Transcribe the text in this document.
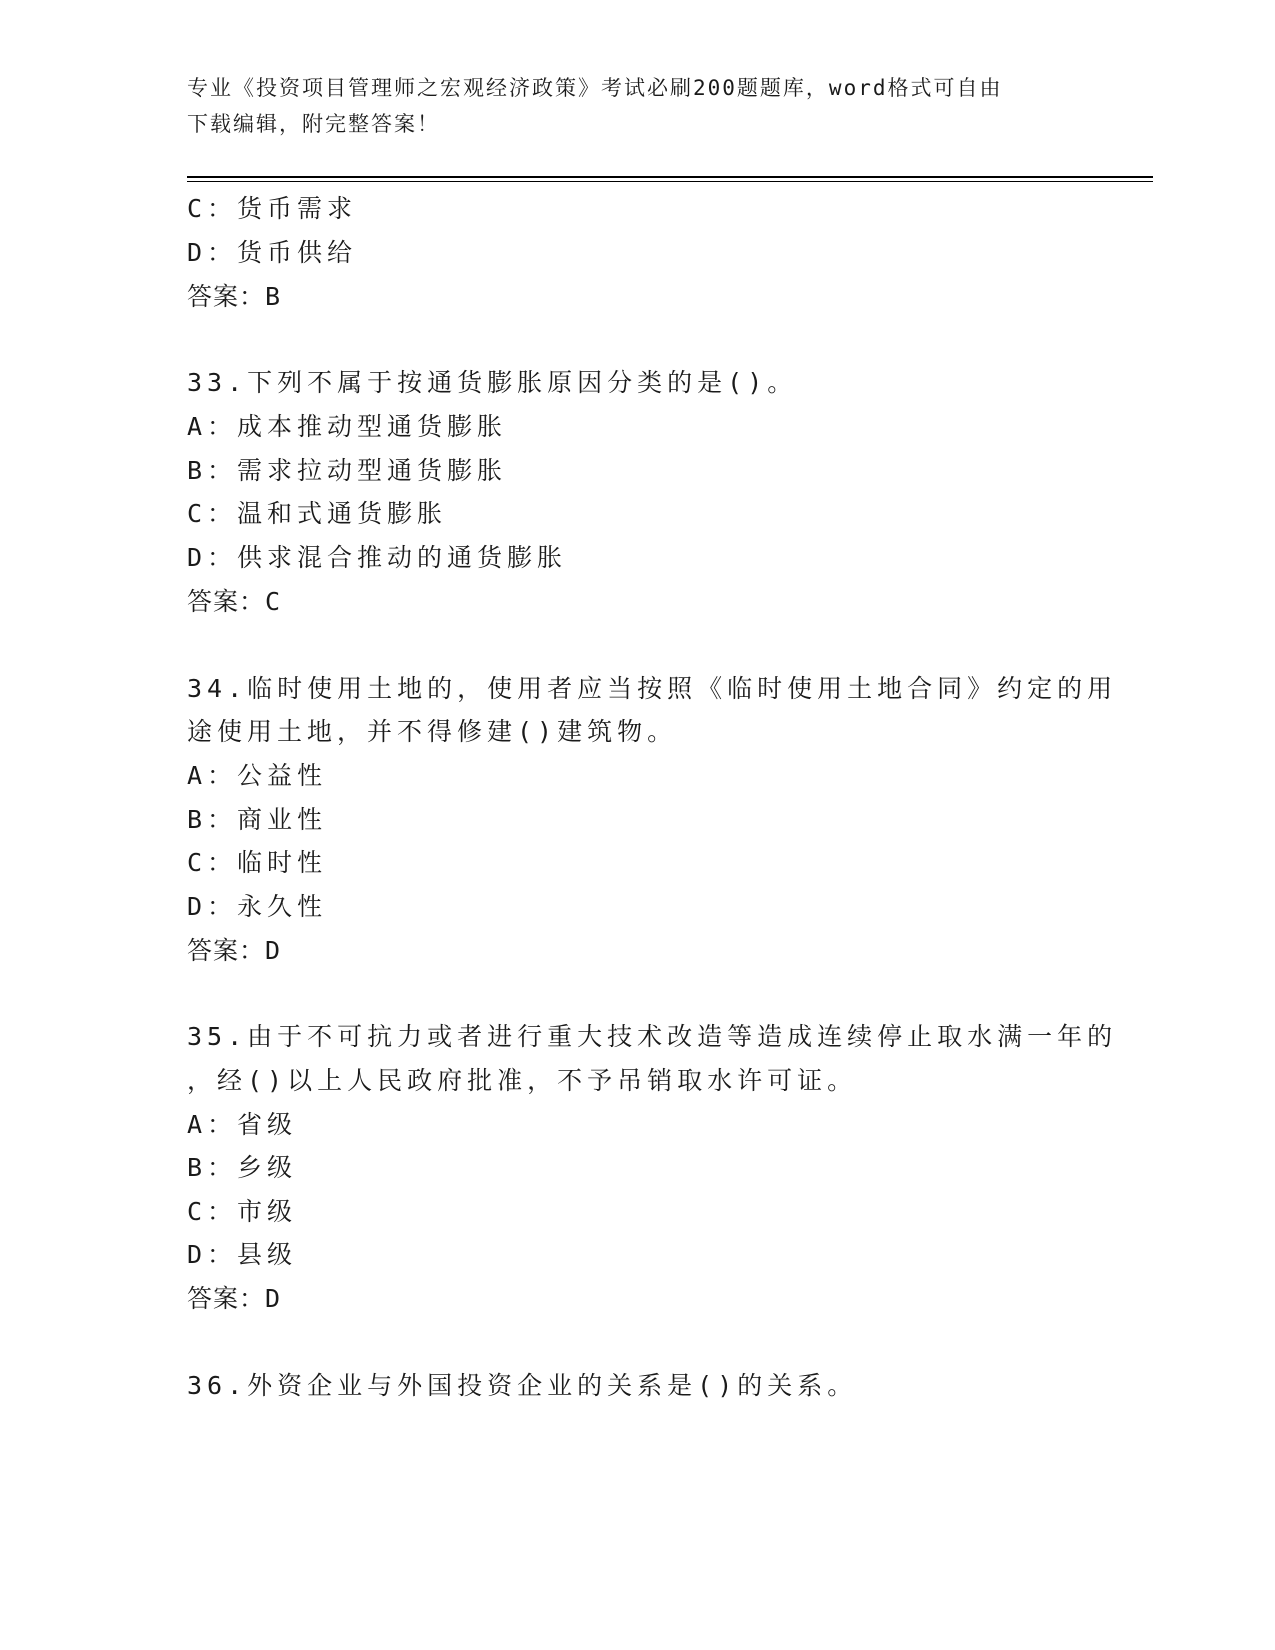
专业《投资项目管理师之宏观经济政策》考试必刷200题题库，word格式可自由
下载编辑，附完整答案！
C：货币需求
D：货币供给
答案：B
33.下列不属于按通货膨胀原因分类的是()。
A：成本推动型通货膨胀
B：需求拉动型通货膨胀
C：温和式通货膨胀
D：供求混合推动的通货膨胀
答案：C
34.临时使用土地的，使用者应当按照《临时使用土地合同》约定的用
途使用土地，并不得修建()建筑物。
A：公益性
B：商业性
C：临时性
D：永久性
答案：D
35.由于不可抗力或者进行重大技术改造等造成连续停止取水满一年的
，经()以上人民政府批准，不予吊销取水许可证。
A：省级
B：乡级
C：市级
D：县级
答案：D
36.外资企业与外国投资企业的关系是()的关系。
